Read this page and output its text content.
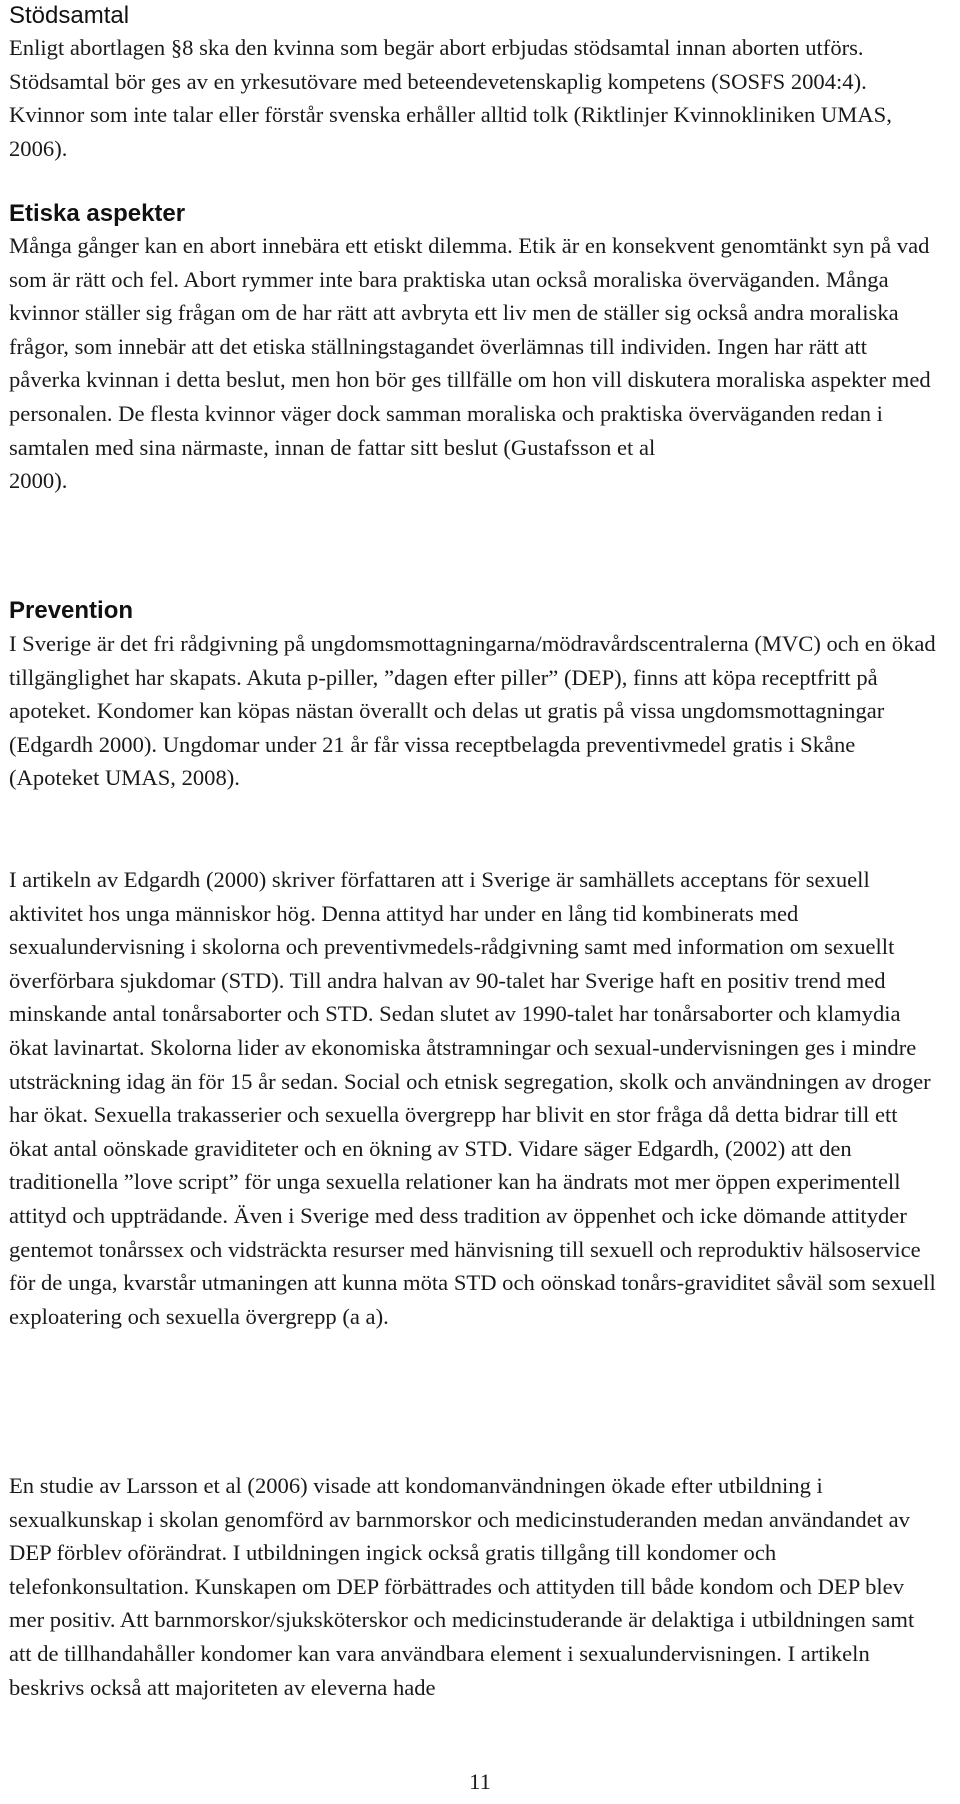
Stödsamtal

Enligt abortlagen §8 ska den kvinna som begär abort erbjudas stödsamtal innan aborten utförs. Stödsamtal bör ges av en yrkesutövare med beteendevetenskaplig kompetens (SOSFS 2004:4). Kvinnor som inte talar eller förstår svenska erhåller alltid tolk (Riktlinjer Kvinnokliniken UMAS, 2006).

Etiska aspekter

Många gånger kan en abort innebära ett etiskt dilemma. Etik är en konsekvent genomtänkt syn på vad som är rätt och fel. Abort rymmer inte bara praktiska utan också moraliska överväganden. Många kvinnor ställer sig frågan om de har rätt att avbryta ett liv men de ställer sig också andra moraliska frågor, som innebär att det etiska ställningstagandet överlämnas till individen. Ingen har rätt att påverka kvinnan i detta beslut, men hon bör ges tillfälle om hon vill diskutera moraliska aspekter med personalen. De flesta kvinnor väger dock samman moraliska och praktiska överväganden redan i samtalen med sina närmaste, innan de fattar sitt beslut (Gustafsson et al
2000).

Prevention

I Sverige är det fri rådgivning på ungdomsmottagningarna/mödravårdscentralerna (MVC) och en ökad tillgänglighet har skapats. Akuta p-piller, ”dagen efter piller” (DEP), finns att köpa receptfritt på apoteket. Kondomer kan köpas nästan överallt och delas ut gratis på vissa ungdomsmottagningar (Edgardh 2000). Ungdomar under 21 år får vissa receptbelagda preventivmedel gratis i Skåne (Apoteket UMAS, 2008).

I artikeln av Edgardh (2000) skriver författaren att i Sverige är samhällets acceptans för sexuell aktivitet hos unga människor hög. Denna attityd har under en lång tid kombinerats med sexualundervisning i skolorna och preventivmedels-rådgivning samt med information om sexuellt överförbara sjukdomar (STD). Till andra halvan av 90-talet har Sverige haft en positiv trend med minskande antal tonårsaborter och STD. Sedan slutet av 1990-talet har tonårsaborter och klamydia ökat lavinartat. Skolorna lider av ekonomiska åtstramningar och sexual-undervisningen ges i mindre utsträckning idag än för 15 år sedan. Social och etnisk segregation, skolk och användningen av droger har ökat. Sexuella trakasserier och sexuella övergrepp har blivit en stor fråga då detta bidrar till ett ökat antal oönskade graviditeter och en ökning av STD. Vidare säger Edgardh, (2002) att den traditionella ”love script” för unga sexuella relationer kan ha ändrats mot mer öppen experimentell attityd och uppträdande. Även i Sverige med dess tradition av öppenhet och icke dömande attityder gentemot tonårssex och vidsträckta resurser med hänvisning till sexuell och reproduktiv hälsoservice för de unga, kvarstår utmaningen att kunna möta STD och oönskad tonårs-graviditet såväl som sexuell exploatering och sexuella övergrepp (a a).

En studie av Larsson et al (2006) visade att kondomanvändningen ökade efter utbildning i sexualkunskap i skolan genomförd av barnmorskor och medicinstuderanden medan användandet av DEP förblev oförändrat. I utbildningen ingick också gratis tillgång till kondomer och telefonkonsultation. Kunskapen om DEP förbättrades och attityden till både kondom och DEP blev mer positiv. Att barnmorskor/sjuksköterskor och medicinstuderande är delaktiga i utbildningen samt att de tillhandahåller kondomer kan vara användbara element i sexualundervisningen. I artikeln beskrivs också att majoriteten av eleverna hade

11
